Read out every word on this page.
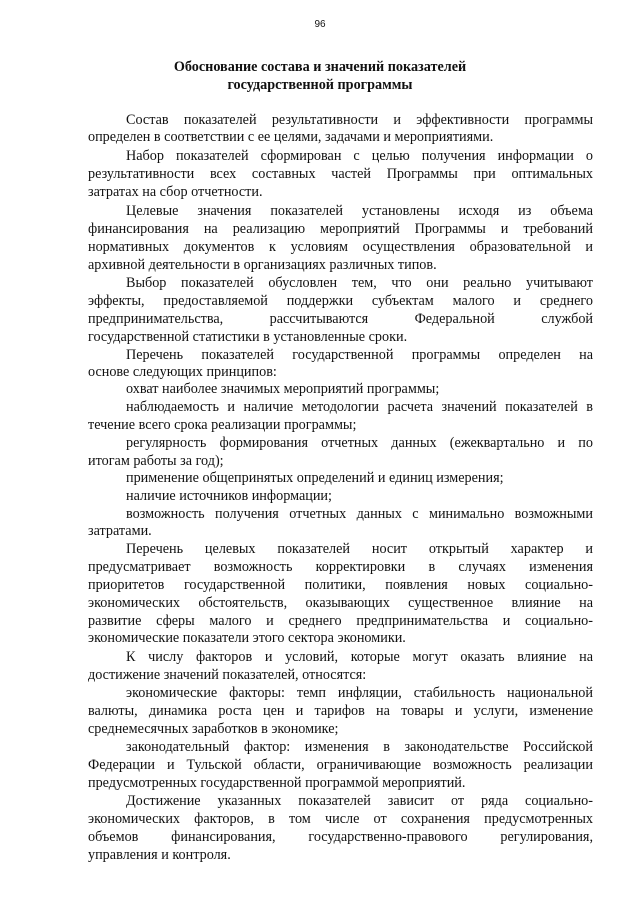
96
Обоснование состава и значений показателей
государственной программы
Состав показателей результативности и эффективности программы
определен в соответствии с ее целями, задачами и мероприятиями.
Набор показателей сформирован с целью получения информации о
результативности всех составных частей Программы при оптимальных
затратах на сбор отчетности.
Целевые значения показателей установлены исходя из объема
финансирования на реализацию мероприятий Программы и требований
нормативных документов к условиям осуществления образовательной и
архивной деятельности в организациях различных типов.
Выбор показателей обусловлен тем, что они реально учитывают
эффекты, предоставляемой поддержки субъектам малого и среднего
предпринимательства, рассчитываются Федеральной службой
государственной статистики в установленные сроки.
Перечень показателей государственной программы определен на
основе следующих принципов:
охват наиболее значимых мероприятий программы;
наблюдаемость и наличие методологии расчета значений показателей в
течение всего срока реализации программы;
регулярность формирования отчетных данных (ежеквартально и по
итогам работы за год);
применение общепринятых определений и единиц измерения;
наличие источников информации;
возможность получения отчетных данных с минимально возможными
затратами.
Перечень целевых показателей носит открытый характер и
предусматривает возможность корректировки в случаях изменения
приоритетов государственной политики, появления новых социально-
экономических обстоятельств, оказывающих существенное влияние на
развитие сферы малого и среднего предпринимательства и социально-
экономические показатели этого сектора экономики.
К числу факторов и условий, которые могут оказать влияние на
достижение значений показателей, относятся:
экономические факторы: темп инфляции, стабильность национальной
валюты, динамика роста цен и тарифов на товары и услуги, изменение
среднемесячных заработков в экономике;
законодательный фактор: изменения в законодательстве Российской
Федерации и Тульской области, ограничивающие возможность реализации
предусмотренных государственной программой мероприятий.
Достижение указанных показателей зависит от ряда социально-
экономических факторов, в том числе от сохранения предусмотренных
объемов финансирования, государственно-правового регулирования,
управления и контроля.
